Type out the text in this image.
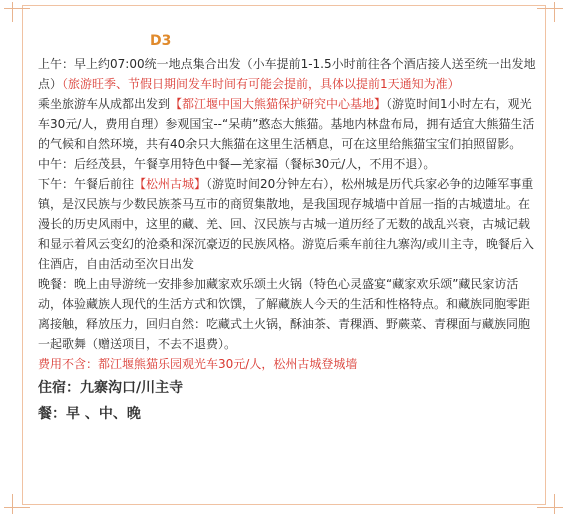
D3

上午：早上约07:00统一地点集合出发（小车提前1-1.5小时前往各个酒店接人送至统一出发地点）（旅游旺季、节假日期间发车时间有可能会提前，具体以提前1天通知为准）

乘坐旅游车从成都出发到【都江堰中国大熊猫保护研究中心基地】（游览时间1小时左右，观光车30元/人，费用自理）参观国宝--“呆萌”憨态大熊猫。基地内林盘布局，拥有适宜大熊猫生活的气候和自然环境，共有40余只大熊猫在这里生活栖息，可在这里给熊猫宝宝们拍照留影。

中午：后经茂县，午餐享用特色中餐—羌家福（餐标30元/人，不用不退）。

下午：午餐后前往【松州古城】（游览时间20分钟左右），松州城是历代兵家必争的边陲军事重镇，是汉民族与少数民族茶马互市的商贸集散地，是我国现存城墙中首屈一指的古城遗址。在漫长的历史风雨中，这里的藏、羌、回、汉民族与古城一道历经了无数的战乱兴衰，古城记载和显示着风云变幻的沧桑和深沉豪迈的民族风格。游览后乘车前往九寨沟/或川主寺，晚餐后入住酒店，自由活动至次日出发

晚餐：晚上由导游统一安排参加藏家欢乐颂土火锅（特色心灵盛宴“藏家欢乐颂”藏民家访活动，体验藏族人现代的生活方式和饮馔，了解藏族人今天的生活和性格特点。和藏族同胞零距离接触，释放压力，回归自然：吃藏式土火锅，酥油茶、青稞酒、野蕨菜、青稞面与藏族同胞一起歌舞（赠送项目，不去不退费）。

费用不含：都江堰熊猫乐园观光车30元/人，松州古城登城墙

住宿：九寨沟口/川主寺

餐：早 、中、晚
